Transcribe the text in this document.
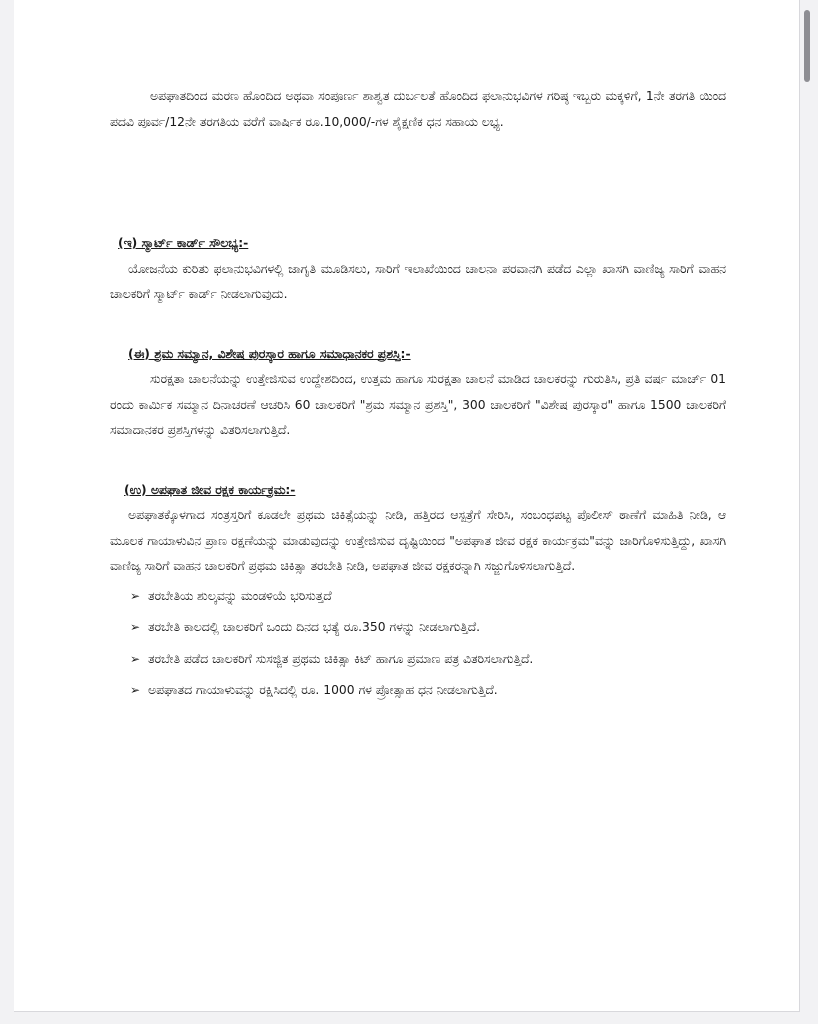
ಅಪಘಾತದಿಂದ ಮರಣ ಹೊಂದಿದ ಅಥವಾ ಸಂಪೂರ್ಣ ಶಾಶ್ವತ ದುರ್ಬಲತೆ ಹೊಂದಿದ ಫಲಾನುಭವಿಗಳ ಗರಿಷ್ಠ ಇಬ್ಬರು ಮಕ್ಕಳಿಗೆ, 1ನೇ ತರಗತಿ ಯಿಂದ ಪದವಿ ಪೂರ್ವ/12ನೇ ತರಗತಿಯ ವರೆಗೆ ವಾರ್ಷಿಕ ರೂ.10,000/-ಗಳ ಶೈಕ್ಷಣಿಕ ಧನ ಸಹಾಯ ಲಭ್ಯ.

(ಇ) ಸ್ಮಾರ್ಟ್ ಕಾರ್ಡ್ ಸೌಲಭ್ಯ:-

ಯೋಜನೆಯ ಕುರಿತು ಫಲಾನುಭವಿಗಳಲ್ಲಿ ಜಾಗೃತಿ ಮೂಡಿಸಲು, ಸಾರಿಗೆ ಇಲಾಖೆಯಿಂದ ಚಾಲನಾ ಪರವಾನಗಿ ಪಡೆದ ಎಲ್ಲಾ ಖಾಸಗಿ ವಾಣಿಜ್ಯ ಸಾರಿಗೆ ವಾಹನ ಚಾಲಕರಿಗೆ ಸ್ಮಾರ್ಟ್ ಕಾರ್ಡ್ ನೀಡಲಾಗುವುದು.

(ಈ) ಶ್ರಮ ಸಮ್ಮಾನ, ವಿಶೇಷ ಪುರಸ್ಕಾರ ಹಾಗೂ ಸಮಾಧಾನಕರ ಪ್ರಶಸ್ತಿ:-

ಸುರಕ್ಷತಾ ಚಾಲನೆಯನ್ನು ಉತ್ತೇಜಿಸುವ ಉದ್ದೇಶದಿಂದ, ಉತ್ತಮ ಹಾಗೂ ಸುರಕ್ಷತಾ ಚಾಲನೆ ಮಾಡಿದ ಚಾಲಕರನ್ನು ಗುರುತಿಸಿ, ಪ್ರತಿ ವರ್ಷ ಮಾರ್ಚ್ 01 ರಂದು ಕಾರ್ಮಿಕ ಸಮ್ಮಾನ ದಿನಾಚರಣೆ ಆಚರಿಸಿ 60 ಚಾಲಕರಿಗೆ "ಶ್ರಮ ಸಮ್ಮಾನ ಪ್ರಶಸ್ತಿ", 300 ಚಾಲಕರಿಗೆ "ವಿಶೇಷ ಪುರಸ್ಕಾರ" ಹಾಗೂ 1500 ಚಾಲಕರಿಗೆ ಸಮಾದಾನಕರ ಪ್ರಶಸ್ತಿಗಳನ್ನು ವಿತರಿಸಲಾಗುತ್ತಿದೆ.

(ಉ) ಅಪಘಾತ ಜೀವ ರಕ್ಷಕ ಕಾರ್ಯಕ್ರಮ:-

ಅಪಘಾತಕ್ಕೊಳಗಾದ ಸಂತ್ರಸ್ತರಿಗೆ ಕೂಡಲೇ ಪ್ರಥಮ ಚಿಕಿತ್ಸೆಯನ್ನು ನೀಡಿ, ಹತ್ತಿರದ ಆಸ್ಪತ್ರೆಗೆ ಸೇರಿಸಿ, ಸಂಬಂಧಪಟ್ಟ ಪೊಲೀಸ್ ಠಾಣೆಗೆ ಮಾಹಿತಿ ನೀಡಿ, ಆ ಮೂಲಕ ಗಾಯಾಳುವಿನ ಪ್ರಾಣ ರಕ್ಷಣೆಯನ್ನು ಮಾಡುವುದನ್ನು ಉತ್ತೇಜಿಸುವ ದೃಷ್ಟಿಯಿಂದ "ಅಪಘಾತ ಜೀವ ರಕ್ಷಕ ಕಾರ್ಯಕ್ರಮ"ವನ್ನು ಜಾರಿಗೊಳಿಸುತ್ತಿದ್ದು, ಖಾಸಗಿ ವಾಣಿಜ್ಯ ಸಾರಿಗೆ ವಾಹನ ಚಾಲಕರಿಗೆ ಪ್ರಥಮ ಚಿಕಿತ್ಸಾ ತರಬೇತಿ ನೀಡಿ, ಅಪಘಾತ ಜೀವ ರಕ್ಷಕರನ್ನಾಗಿ ಸಜ್ಜುಗೊಳಿಸಲಾಗುತ್ತಿದೆ.

➢ ತರಬೇತಿಯ ಶುಲ್ಕವನ್ನು ಮಂಡಳಿಯೆ ಭರಿಸುತ್ತದೆ
➢ ತರಬೇತಿ ಕಾಲದಲ್ಲಿ ಚಾಲಕರಿಗೆ ಒಂದು ದಿನದ ಭತ್ಯೆ ರೂ.350 ಗಳನ್ನು ನೀಡಲಾಗುತ್ತಿದೆ.
➢ ತರಬೇತಿ ಪಡೆದ ಚಾಲಕರಿಗೆ ಸುಸಜ್ಜಿತ ಪ್ರಥಮ ಚಿಕಿತ್ಸಾ ಕಿಟ್ ಹಾಗೂ ಪ್ರಮಾಣ ಪತ್ರ ವಿತರಿಸಲಾಗುತ್ತಿದೆ.
➢ ಅಪಘಾತದ ಗಾಯಾಳುವನ್ನು ರಕ್ಷಿಸಿದಲ್ಲಿ ರೂ. 1000 ಗಳ ಪ್ರೋತ್ಸಾಹ ಧನ ನೀಡಲಾಗುತ್ತಿದೆ.
